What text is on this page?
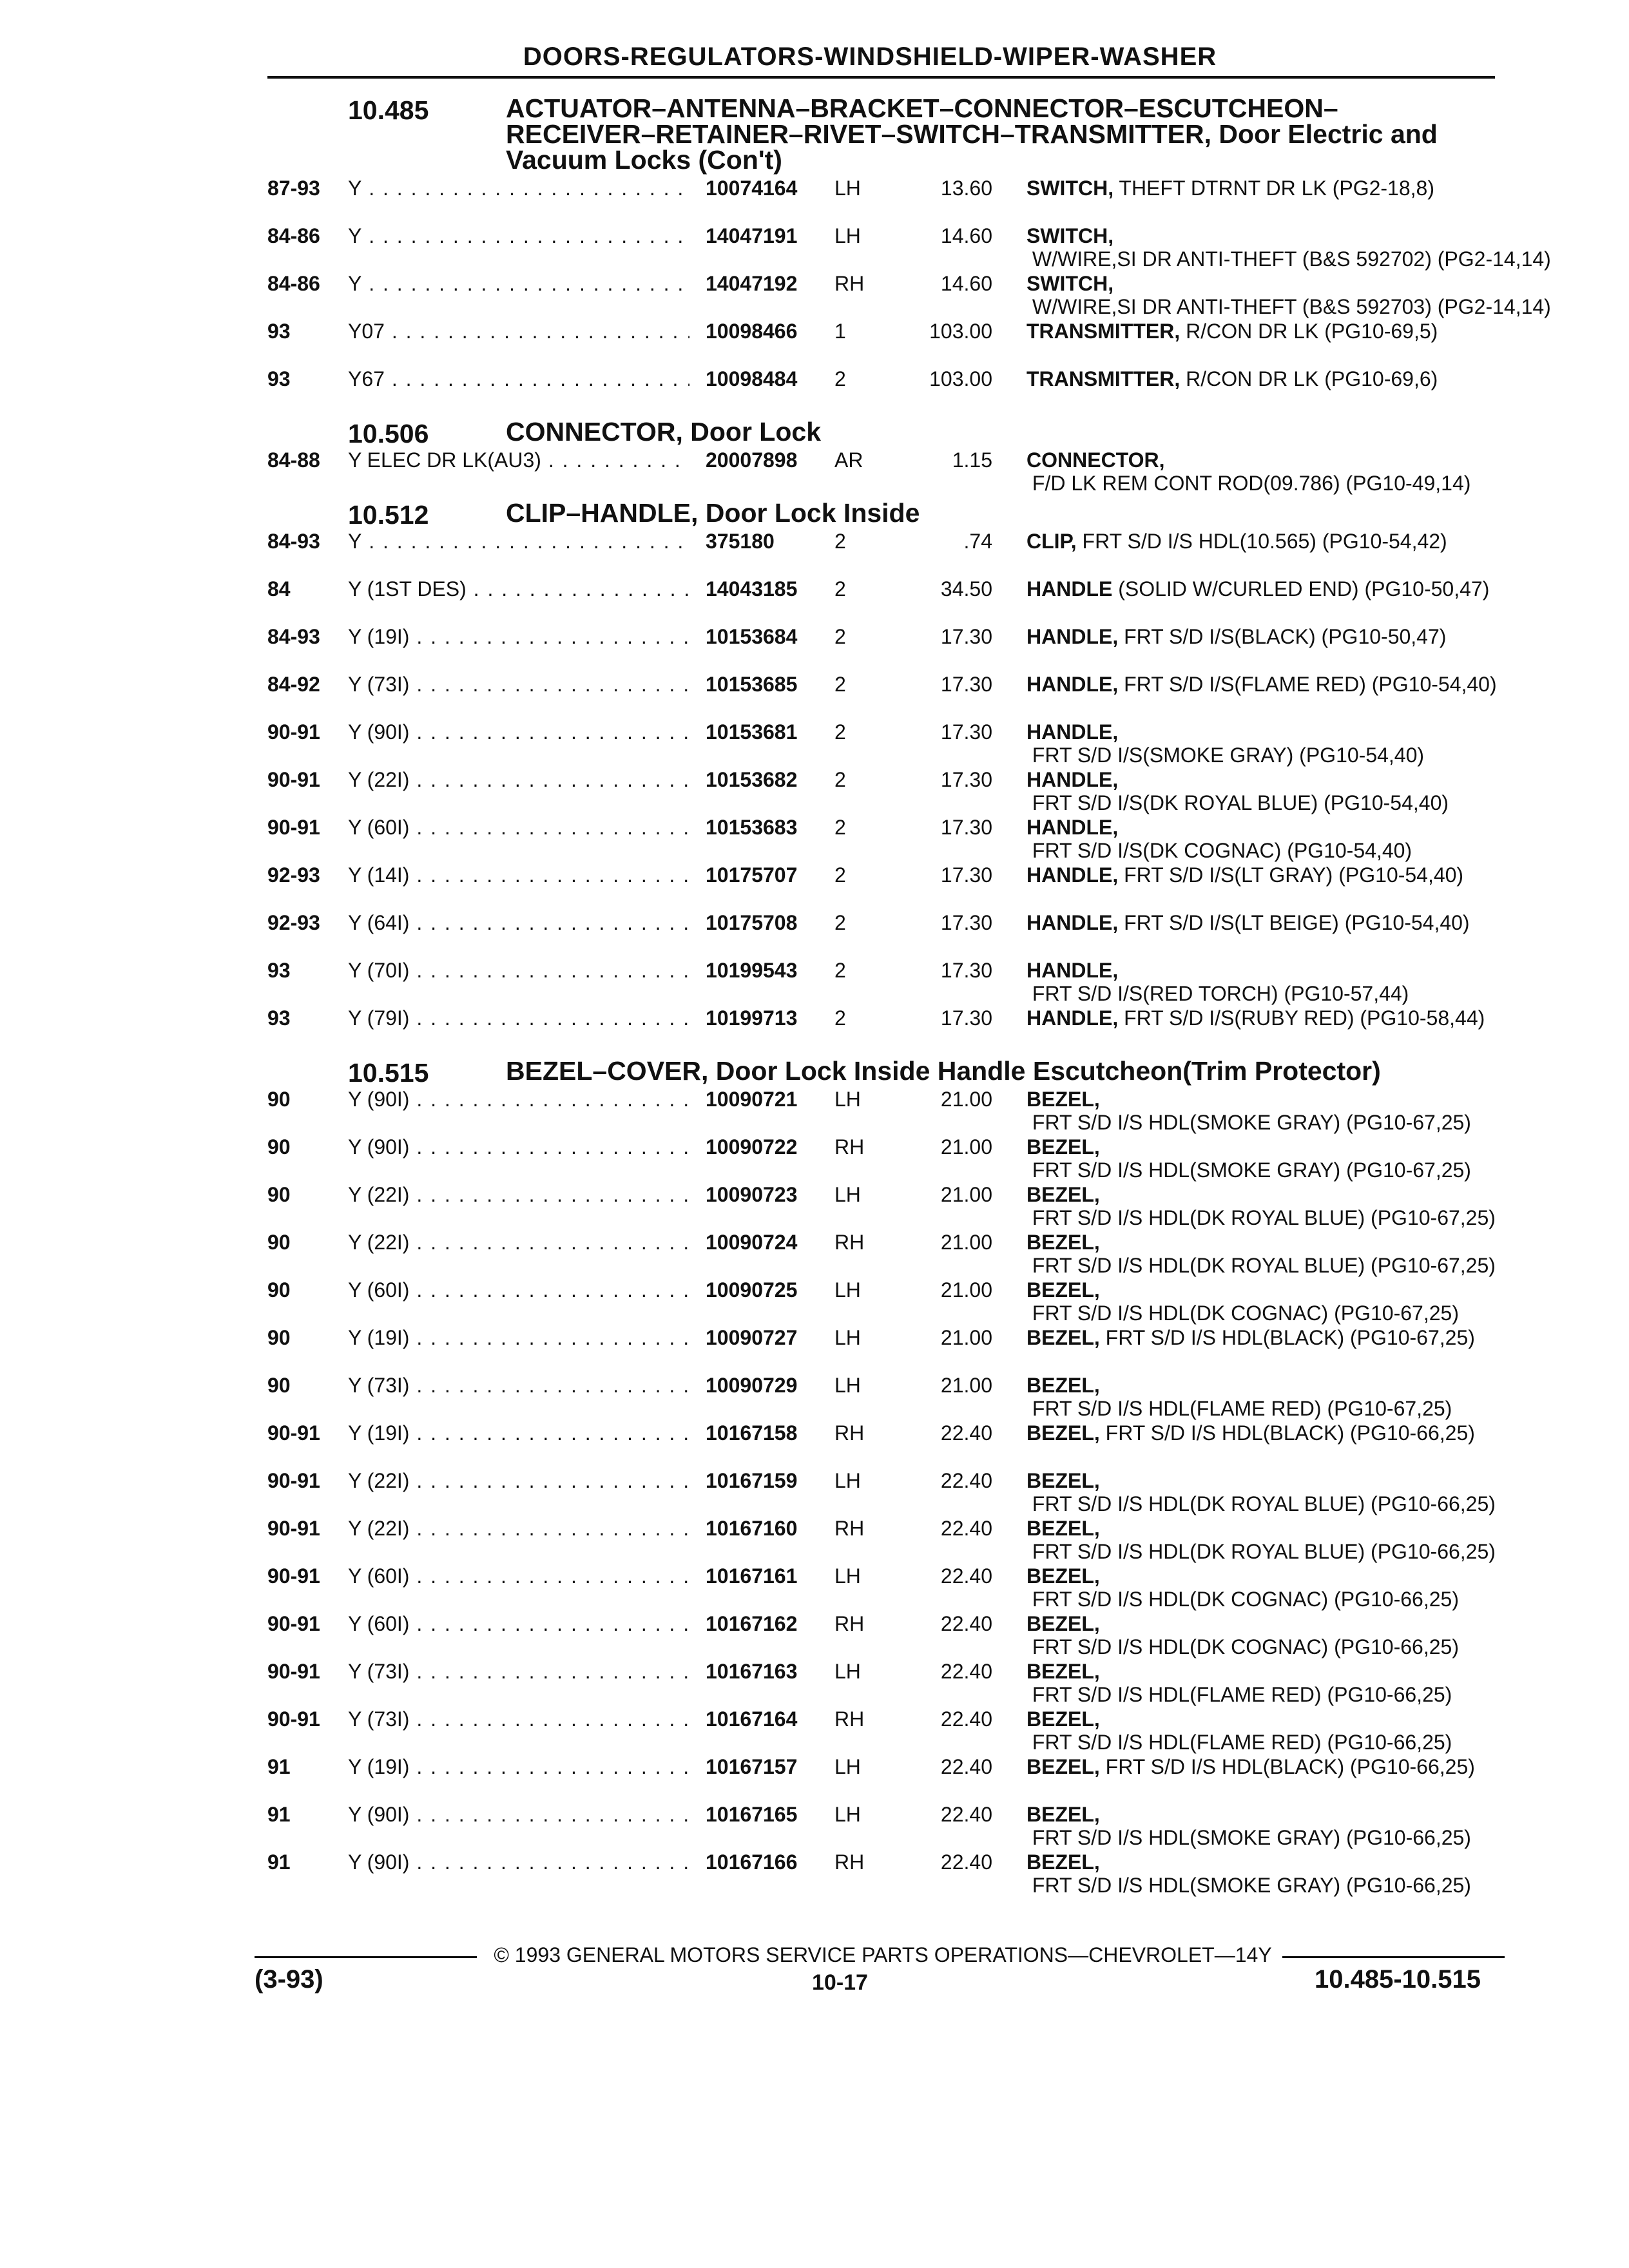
DOORS-REGULATORS-WINDSHIELD-WIPER-WASHER
10.485	ACTUATOR–ANTENNA–BRACKET–CONNECTOR–ESCUTCHEON–RECEIVER–RETAINER–RIVET–SWITCH–TRANSMITTER, Door Electric and Vacuum Locks (Con't)
87-93 Y . . .	10074164 LH	13.60 SWITCH, THEFT DTRNT DR LK (PG2-18,8)
84-86 Y . . .	14047191 LH	14.60 SWITCH, W/WIRE,SI DR ANTI-THEFT (B&S 592702) (PG2-14,14)
84-86 Y . . .	14047192 RH	14.60 SWITCH, W/WIRE,SI DR ANTI-THEFT (B&S 592703) (PG2-14,14)
93	Y07 . . .	10098466 1	103.00 TRANSMITTER, R/CON DR LK (PG10-69,5)
93	Y67 . . .	10098484 2	103.00 TRANSMITTER, R/CON DR LK (PG10-69,6)
10.506	CONNECTOR, Door Lock
84-88 Y ELEC DR LK(AU3) . . .	20007898 AR	1.15 CONNECTOR, F/D LK REM CONT ROD(09.786) (PG10-49,14)
10.512	CLIP–HANDLE, Door Lock Inside
84-93 Y . . .	375180	2	.74 CLIP, FRT S/D I/S HDL(10.565) (PG10-54,42)
84	Y (1ST DES) . . .	14043185 2	34.50 HANDLE (SOLID W/CURLED END) (PG10-50,47)
84-93 Y (19I) . . .	10153684 2	17.30 HANDLE, FRT S/D I/S(BLACK) (PG10-50,47)
84-92 Y (73I) . . .	10153685 2	17.30 HANDLE, FRT S/D I/S(FLAME RED) (PG10-54,40)
90-91 Y (90I) . . .	10153681 2	17.30 HANDLE, FRT S/D I/S(SMOKE GRAY) (PG10-54,40)
90-91 Y (22I) . . .	10153682 2	17.30 HANDLE, FRT S/D I/S(DK ROYAL BLUE) (PG10-54,40)
90-91 Y (60I) . . .	10153683 2	17.30 HANDLE, FRT S/D I/S(DK COGNAC) (PG10-54,40)
92-93 Y (14I) . . .	10175707 2	17.30 HANDLE, FRT S/D I/S(LT GRAY) (PG10-54,40)
92-93 Y (64I) . . .	10175708 2	17.30 HANDLE, FRT S/D I/S(LT BEIGE) (PG10-54,40)
93	Y (70I) . . .	10199543 2	17.30 HANDLE, FRT S/D I/S(RED TORCH) (PG10-57,44)
93	Y (79I) . . .	10199713 2	17.30 HANDLE, FRT S/D I/S(RUBY RED) (PG10-58,44)
10.515	BEZEL–COVER, Door Lock Inside Handle Escutcheon(Trim Protector)
90	Y (90I) . . .	10090721 LH	21.00 BEZEL, FRT S/D I/S HDL(SMOKE GRAY) (PG10-67,25)
90	Y (90I) . . .	10090722 RH	21.00 BEZEL, FRT S/D I/S HDL(SMOKE GRAY) (PG10-67,25)
90	Y (22I) . . .	10090723 LH	21.00 BEZEL, FRT S/D I/S HDL(DK ROYAL BLUE) (PG10-67,25)
90	Y (22I) . . .	10090724 RH	21.00 BEZEL, FRT S/D I/S HDL(DK ROYAL BLUE) (PG10-67,25)
90	Y (60I) . . .	10090725 LH	21.00 BEZEL, FRT S/D I/S HDL(DK COGNAC) (PG10-67,25)
90	Y (19I) . . .	10090727 LH	21.00 BEZEL, FRT S/D I/S HDL(BLACK) (PG10-67,25)
90	Y (73I) . . .	10090729 LH	21.00 BEZEL, FRT S/D I/S HDL(FLAME RED) (PG10-67,25)
90-91 Y (19I) . . .	10167158 RH	22.40 BEZEL, FRT S/D I/S HDL(BLACK) (PG10-66,25)
90-91 Y (22I) . . .	10167159 LH	22.40 BEZEL, FRT S/D I/S HDL(DK ROYAL BLUE) (PG10-66,25)
90-91 Y (22I) . . .	10167160 RH	22.40 BEZEL, FRT S/D I/S HDL(DK ROYAL BLUE) (PG10-66,25)
90-91 Y (60I) . . .	10167161 LH	22.40 BEZEL, FRT S/D I/S HDL(DK COGNAC) (PG10-66,25)
90-91 Y (60I) . . .	10167162 RH	22.40 BEZEL, FRT S/D I/S HDL(DK COGNAC) (PG10-66,25)
90-91 Y (73I) . . .	10167163 LH	22.40 BEZEL, FRT S/D I/S HDL(FLAME RED) (PG10-66,25)
90-91 Y (73I) . . .	10167164 RH	22.40 BEZEL, FRT S/D I/S HDL(FLAME RED) (PG10-66,25)
91	Y (19I) . . .	10167157 LH	22.40 BEZEL, FRT S/D I/S HDL(BLACK) (PG10-66,25)
91	Y (90I) . . .	10167165 LH	22.40 BEZEL, FRT S/D I/S HDL(SMOKE GRAY) (PG10-66,25)
91	Y (90I) . . .	10167166 RH	22.40 BEZEL, FRT S/D I/S HDL(SMOKE GRAY) (PG10-66,25)
© 1993 GENERAL MOTORS SERVICE PARTS OPERATIONS—CHEVROLET—14Y
(3-93)	10-17	10.485-10.515
